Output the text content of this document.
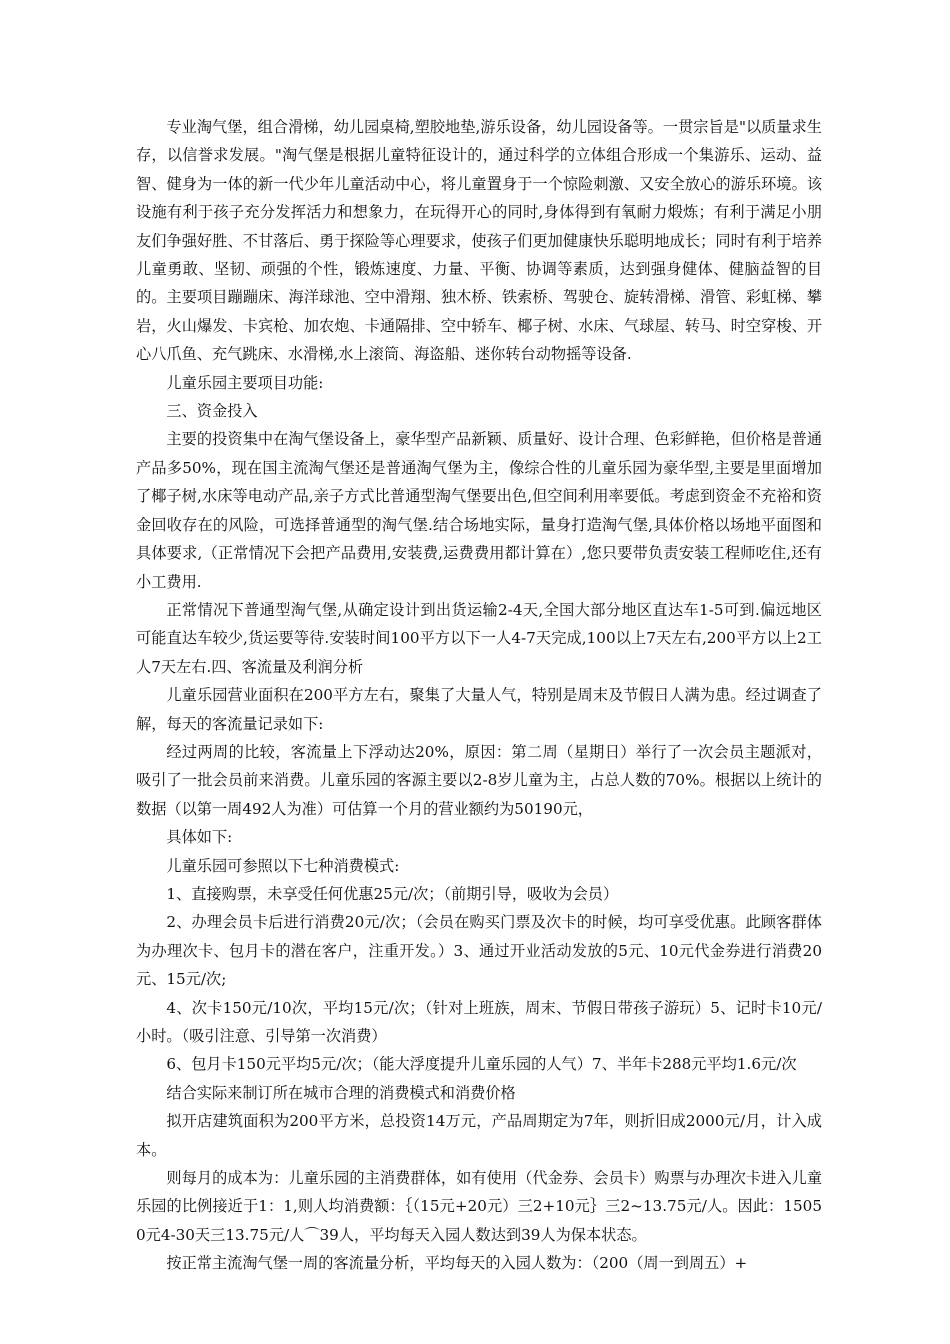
专业淘气堡，组合滑梯，幼儿园桌椅,塑胶地垫,游乐设备，幼儿园设备等。一贯宗旨是"以质量求生存，以信誉求发展。"淘气堡是根据儿童特征设计的，通过科学的立体组合形成一个集游乐、运动、益智、健身为一体的新一代少年儿童活动中心，将儿童置身于一个惊险刺激、又安全放心的游乐环境。该设施有利于孩子充分发挥活力和想象力，在玩得开心的同时,身体得到有氧耐力煅炼；有利于满足小朋友们争强好胜、不甘落后、勇于探险等心理要求，使孩子们更加健康快乐聪明地成长；同时有利于培养儿童勇敢、坚韧、顽强的个性，锻炼速度、力量、平衡、协调等素质，达到强身健体、健脑益智的目的。主要项目蹦蹦床、海洋球池、空中滑翔、独木桥、铁索桥、驾驶仓、旋转滑梯、滑管、彩虹梯、攀岩，火山爆发、卡宾枪、加农炮、卡通隔排、空中轿车、椰子树、水床、气球屋、转马、时空穿梭、开心八爪鱼、充气跳床、水滑梯,水上滚筒、海盗船、迷你转台动物摇等设备.

儿童乐园主要项目功能:

三、资金投入

主要的投资集中在淘气堡设备上，豪华型产品新颖、质量好、设计合理、色彩鲜艳，但价格是普通产品多50%，现在国主流淘气堡还是普通淘气堡为主，像综合性的儿童乐园为豪华型,主要是里面增加了椰子树,水床等电动产品,亲子方式比普通型淘气堡要出色,但空间利用率要低。考虑到资金不充裕和资金回收存在的风险，可选择普通型的淘气堡.结合场地实际，量身打造淘气堡,具体价格以场地平面图和具体要求,（正常情况下会把产品费用,安装费,运费费用都计算在）,您只要带负责安装工程师吃住,还有小工费用.

正常情况下普通型淘气堡,从确定设计到出货运输2-4天,全国大部分地区直达车1-5可到.偏远地区可能直达车较少,货运要等待.安装时间100平方以下一人4-7天完成,100以上7天左右,200平方以上2工人7天左右.四、客流量及利润分析

儿童乐园营业面积在200平方左右，聚集了大量人气，特别是周末及节假日人满为患。经过调查了解，每天的客流量记录如下:

经过两周的比较，客流量上下浮动达20%，原因：第二周（星期日）举行了一次会员主题派对，吸引了一批会员前来消费。儿童乐园的客源主要以2-8岁儿童为主，占总人数的70%。根据以上统计的数据（以第一周492人为准）可估算一个月的营业额约为50190元，

具体如下:

儿童乐园可参照以下七种消费模式:

1、直接购票，未享受任何优惠25元/次；（前期引导，吸收为会员）

2、办理会员卡后进行消费20元/次；（会员在购买门票及次卡的时候，均可享受优惠。此顾客群体为办理次卡、包月卡的潜在客户，注重开发。）3、通过开业活动发放的5元、10元代金券进行消费20元、15元/次;

4、次卡150元/10次，平均15元/次；（针对上班族，周末、节假日带孩子游玩）5、记时卡10元/小时。（吸引注意、引导第一次消费）

6、包月卡150元平均5元/次；（能大浮度提升儿童乐园的人气）7、半年卡288元平均1.6元/次

结合实际来制订所在城市合理的消费模式和消费价格

拟开店建筑面积为200平方米，总投资14万元，产品周期定为7年，则折旧成2000元/月，计入成本。

则每月的成本为：儿童乐园的主消费群体，如有使用（代金券、会员卡）购票与办理次卡进入儿童乐园的比例接近于1：1,则人均消费额：｛（15元+20元）三2+10元｝三2~13.75元/人。因此：15050元4-30天三13.75元/人⌒39人，平均每天入园人数达到39人为保本状态。

按正常主流淘气堡一周的客流量分析，平均每天的入园人数为：（200（周一到周五）+
